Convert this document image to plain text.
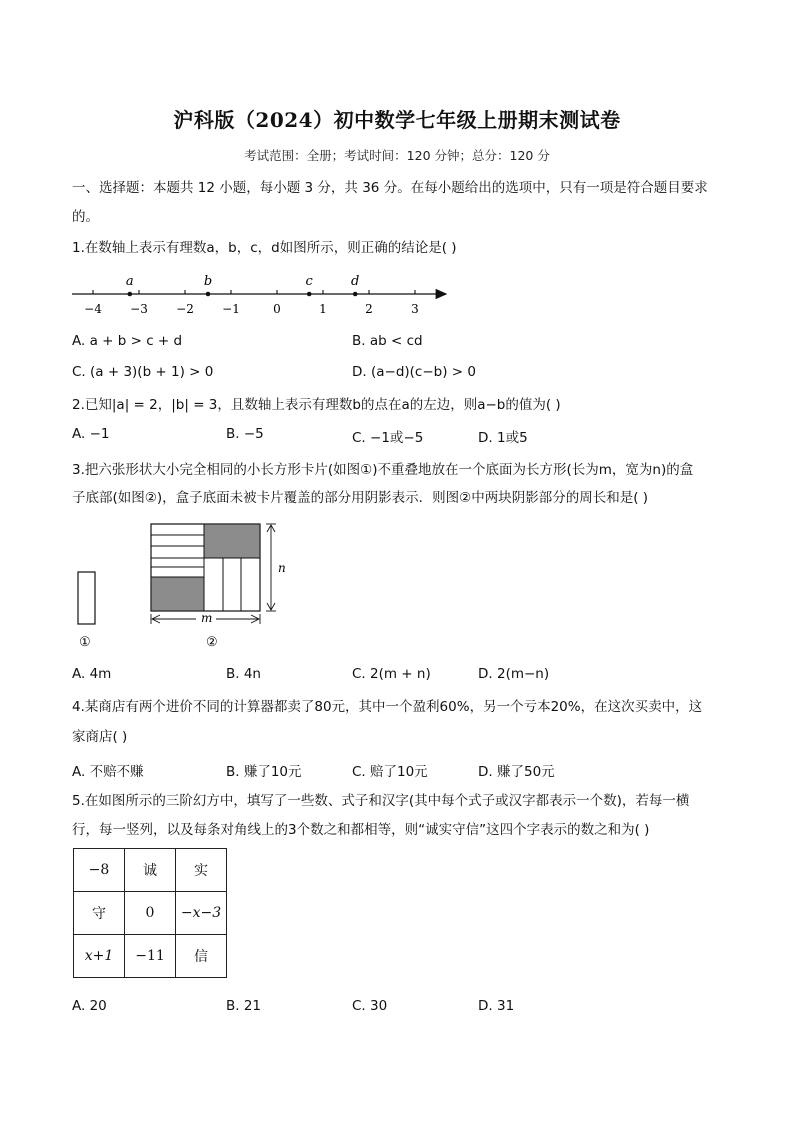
沪科版（2024）初中数学七年级上册期末测试卷
考试范围：全册；考试时间：120 分钟；总分：120 分
一、选择题：本题共 12 小题，每小题 3 分，共 36 分。在每小题给出的选项中，只有一项是符合题目要求
的。
1.在数轴上表示有理数a，b，c，d如图所示，则正确的结论是( )
−4 −3 −2 −1	0	1	2	3
a	b	c	d
A. a + b > c + d	B. ab < cd
C. (a + 3)(b + 1) > 0	D. (a−d)(c−b) > 0
2.已知|a| = 2，|b| = 3，且数轴上表示有理数b的点在a的左边，则a−b的值为( )
A. −1	B. −5	C. −1或−5	D. 1或5
3.把六张形状大小完全相同的小长方形卡片(如图①)不重叠地放在一个底面为长方形(长为m，宽为n)的盒
子底部(如图②)，盒子底面未被卡片覆盖的部分用阴影表示．则图②中两块阴影部分的周长和是( )
n
m
①	②
A. 4m	B. 4n	C. 2(m + n)	D. 2(m−n)
4.某商店有两个进价不同的计算器都卖了80元，其中一个盈利60%，另一个亏本20%，在这次买卖中，这
家商店( )
A. 不赔不赚	B. 赚了10元	C. 赔了10元	D. 赚了50元
5.在如图所示的三阶幻方中，填写了一些数、式子和汉字(其中每个式子或汉字都表示一个数)，若每一横
行，每一竖列，以及每条对角线上的3个数之和都相等，则“诚实守信”这四个字表示的数之和为( )
−8	诚	实
守	0	−x−3
x+1	−11	信
A. 20	B. 21	C. 30	D. 31
